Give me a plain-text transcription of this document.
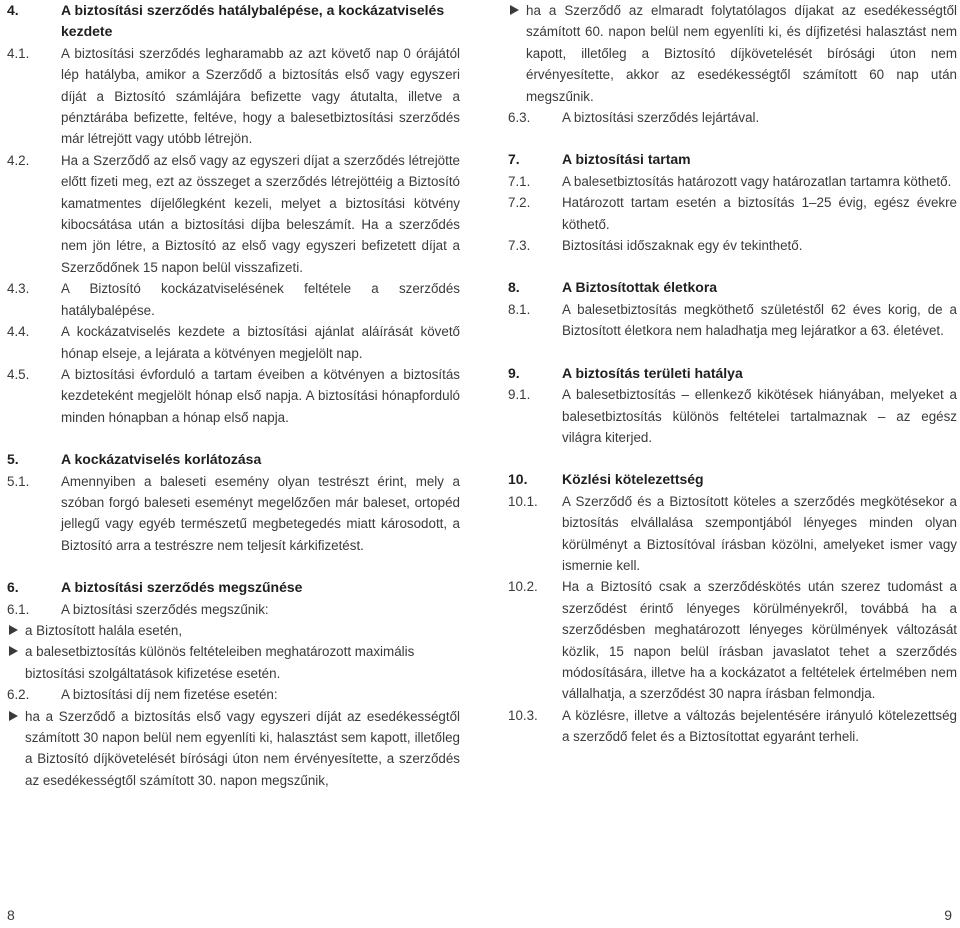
4.	A biztosítási szerződés hatálybalépése, a kockázatviselés kezdete
4.1. A biztosítási szerződés legharamabb az azt követő nap 0 órájától lép hatályba, amikor a Szerződő a biztosítás első vagy egyszeri díját a Biztosító számlájára befizette vagy átutalta, illetve a pénztárába befizette, feltéve, hogy a balesetbiztosítási szerződés már létrejött vagy utóbb létrejön.
4.2. Ha a Szerződő az első vagy az egyszeri díjat a szerződés létrejötte előtt fizeti meg, ezt az összeget a szerződés létrejöttéig a Biztosító kamatmentes díjelőlegként kezeli, melyet a biztosítási kötvény kibocsátása után a biztosítási díjba beleszámít. Ha a szerződés nem jön létre, a Biztosító az első vagy egyszeri befizetett díjat a Szerződőnek 15 napon belül visszafizeti.
4.3. A Biztosító kockázatviselésének feltétele a szerződés hatálybalépése.
4.4. A kockázatviselés kezdete a biztosítási ajánlat aláírását követő hónap elseje, a lejárata a kötvényen megjelölt nap.
4.5. A biztosítási évforduló a tartam éveiben a kötvényen a biztosítás kezdeteként megjelölt hónap első napja. A biztosítási hónapforduló minden hónapban a hónap első napja.
5.	A kockázatviselés korlátozása
5.1. Amennyiben a baleseti esemény olyan testrészt érint, mely a szóban forgó baleseti eseményt megelőzően már baleset, ortopéd jellegű vagy egyéb természetű megbetegedés miatt károsodott, a Biztosító arra a testrészre nem teljesít kárkifizetést.
6.	A biztosítási szerződés megszűnése
6.1. A biztosítási szerződés megszűnik:
a Biztosított halála esetén,
a balesetbiztosítás különös feltételeiben meghatározott maximális biztosítási szolgáltatások kifizetése esetén.
6.2. A biztosítási díj nem fizetése esetén:
ha a Szerződő a biztosítás első vagy egyszeri díját az esedékességtől számított 30 napon belül nem egyenlíti ki, halasztást sem kapott, illetőleg a Biztosító díjkövetelését bírósági úton nem érvényesítette, a szerződés az esedékességtől számított 30. napon megszűnik,
ha a Szerződő az elmaradt folytatólagos díjakat az esedékességtől számított 60. napon belül nem egyenlíti ki, és díjfizetési halasztást nem kapott, illetőleg a Biztosító díjkövetelését bírósági úton nem érvényesítette, akkor az esedékességtől számított 60 nap után megszűnik.
6.3. A biztosítási szerződés lejártával.
7.	A biztosítási tartam
7.1. A balesetbiztosítás határozott vagy határozatlan tartamra köthető.
7.2. Határozott tartam esetén a biztosítás 1–25 évig, egész évekre köthető.
7.3. Biztosítási időszaknak egy év tekinthető.
8.	A Biztosítottak életkora
8.1. A balesetbiztosítás megköthető születéstől 62 éves korig, de a Biztosított életkora nem haladhatja meg lejáratkor a 63. életévet.
9.	A biztosítás területi hatálya
9.1. A balesetbiztosítás – ellenkező kikötések hiányában, melyeket a balesetbiztosítás különös feltételei tartalmaznak – az egész világra kiterjed.
10. Közlési kötelezettség
10.1. A Szerződő és a Biztosított köteles a szerződés megkötésekor a biztosítás elvállalása szempontjából lényeges minden olyan körülményt a Biztosítóval írásban közölni, amelyeket ismer vagy ismernie kell.
10.2. Ha a Biztosító csak a szerződéskötés után szerez tudomást a szerződést érintő lényeges körülményekről, továbbá ha a szerződésben meghatározott lényeges körülmények változását közlik, 15 napon belül írásban javaslatot tehet a szerződés módosítására, illetve ha a kockázatot a feltételek értelmében nem vállalhatja, a szerződést 30 napra írásban felmondja.
10.3. A közlésre, illetve a változás bejelentésére irányuló kötelezettség a szerződő felet és a Biztosítottat egyaránt terheli.
8	9
